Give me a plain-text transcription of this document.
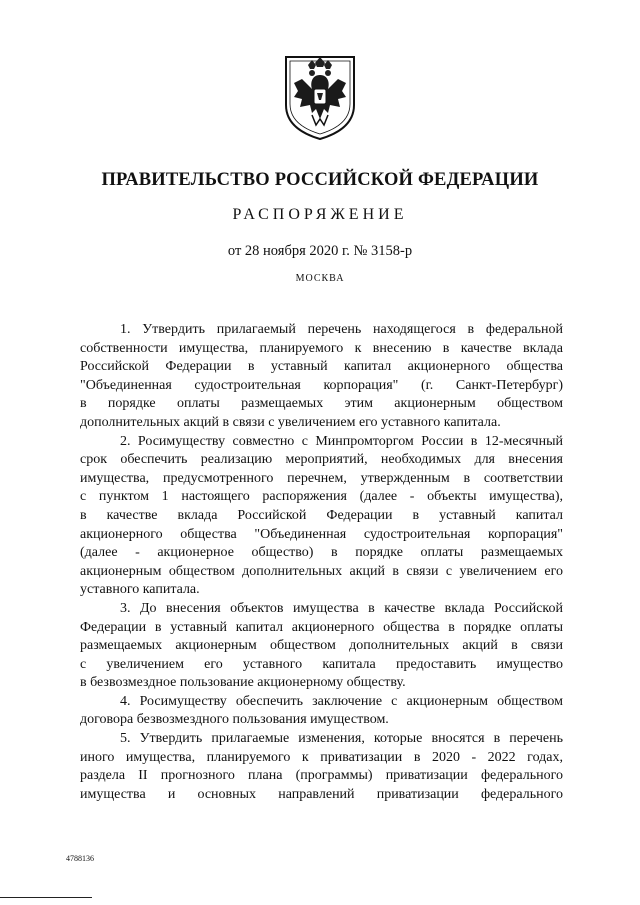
ПРАВИТЕЛЬСТВО РОССИЙСКОЙ ФЕДЕРАЦИИ
РАСПОРЯЖЕНИЕ
от 28 ноября 2020 г. № 3158-р
МОСКВА
1. Утвердить прилагаемый перечень находящегося в федеральной
собственности имущества, планируемого к внесению в качестве вклада
Российской Федерации в уставный капитал акционерного общества
"Объединенная судостроительная корпорация" (г. Санкт-Петербург)
в порядке оплаты размещаемых этим акционерным обществом
дополнительных акций в связи с увеличением его уставного капитала.
2. Росимуществу совместно с Минпромторгом России в 12-месячный
срок обеспечить реализацию мероприятий, необходимых для внесения
имущества, предусмотренного перечнем, утвержденным в соответствии
с пунктом 1 настоящего распоряжения (далее - объекты имущества),
в качестве вклада Российской Федерации в уставный капитал
акционерного общества "Объединенная судостроительная корпорация"
(далее - акционерное общество) в порядке оплаты размещаемых
акционерным обществом дополнительных акций в связи с увеличением его
уставного капитала.
3. До внесения объектов имущества в качестве вклада Российской
Федерации в уставный капитал акционерного общества в порядке оплаты
размещаемых акционерным обществом дополнительных акций в связи
с увеличением его уставного капитала предоставить имущество
в безвозмездное пользование акционерному обществу.
4. Росимуществу обеспечить заключение с акционерным обществом
договора безвозмездного пользования имуществом.
5. Утвердить прилагаемые изменения, которые вносятся в перечень
иного имущества, планируемого к приватизации в 2020 - 2022 годах,
раздела II прогнозного плана (программы) приватизации федерального
имущества и основных направлений приватизации федерального
4788136
